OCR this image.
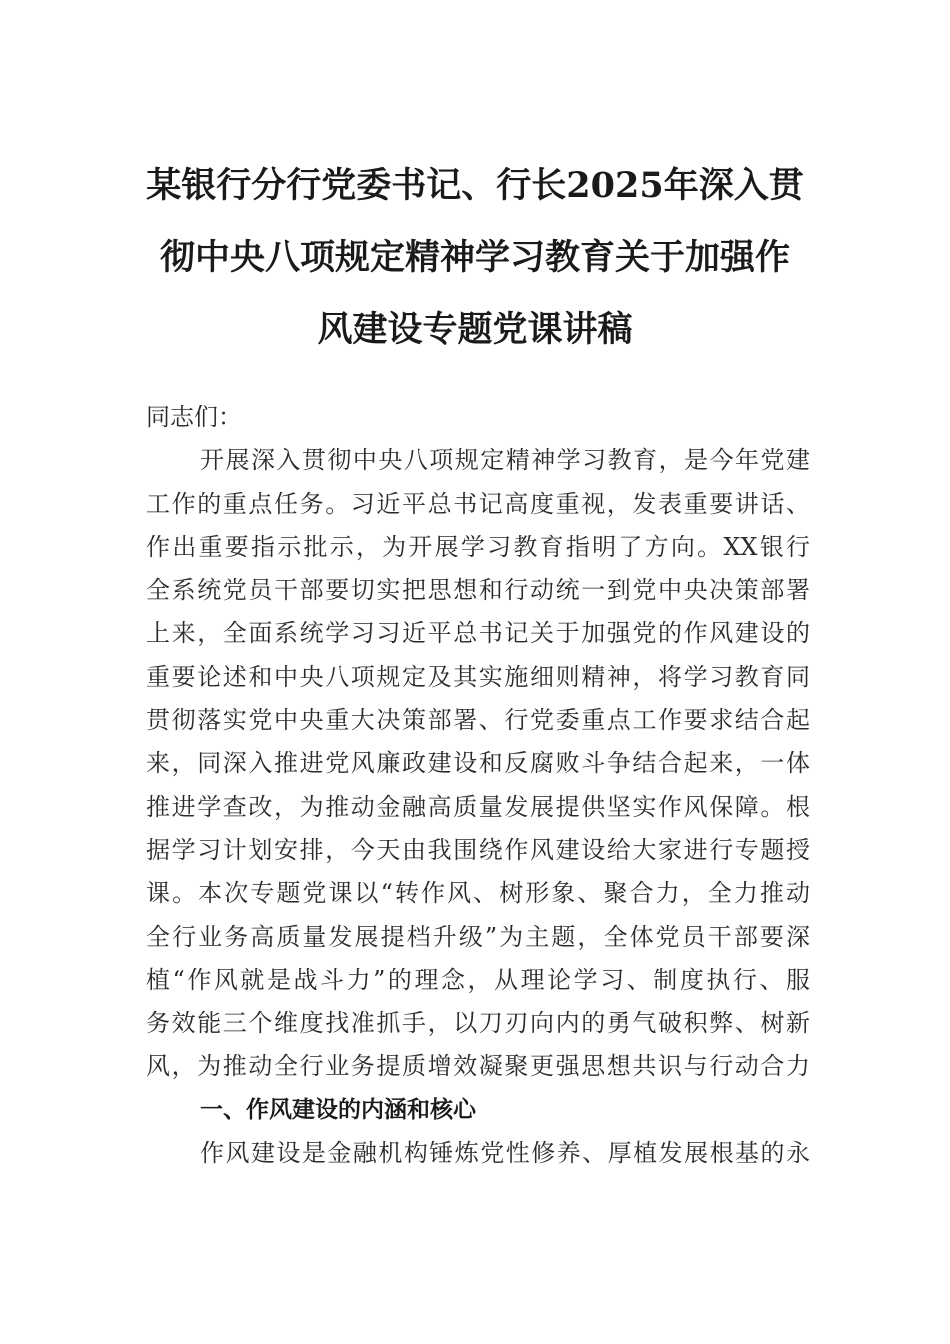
某银行分行党委书记、行长2025年深入贯
彻中央八项规定精神学习教育关于加强作
风建设专题党课讲稿
同志们：
开展深入贯彻中央八项规定精神学习教育，是今年党建
工作的重点任务。习近平总书记高度重视，发表重要讲话、
作出重要指示批示，为开展学习教育指明了方向。XX银行
全系统党员干部要切实把思想和行动统一到党中央决策部署
上来，全面系统学习习近平总书记关于加强党的作风建设的
重要论述和中央八项规定及其实施细则精神，将学习教育同
贯彻落实党中央重大决策部署、行党委重点工作要求结合起
来，同深入推进党风廉政建设和反腐败斗争结合起来，一体
推进学查改，为推动金融高质量发展提供坚实作风保障。根
据学习计划安排，今天由我围绕作风建设给大家进行专题授
课。本次专题党课以“转作风、树形象、聚合力，全力推动
全行业务高质量发展提档升级”为主题，全体党员干部要深
植“作风就是战斗力”的理念，从理论学习、制度执行、服
务效能三个维度找准抓手，以刀刃向内的勇气破积弊、树新
风，为推动全行业务提质增效凝聚更强思想共识与行动合力
一、作风建设的内涵和核心
作风建设是金融机构锤炼党性修养、厚植发展根基的永
